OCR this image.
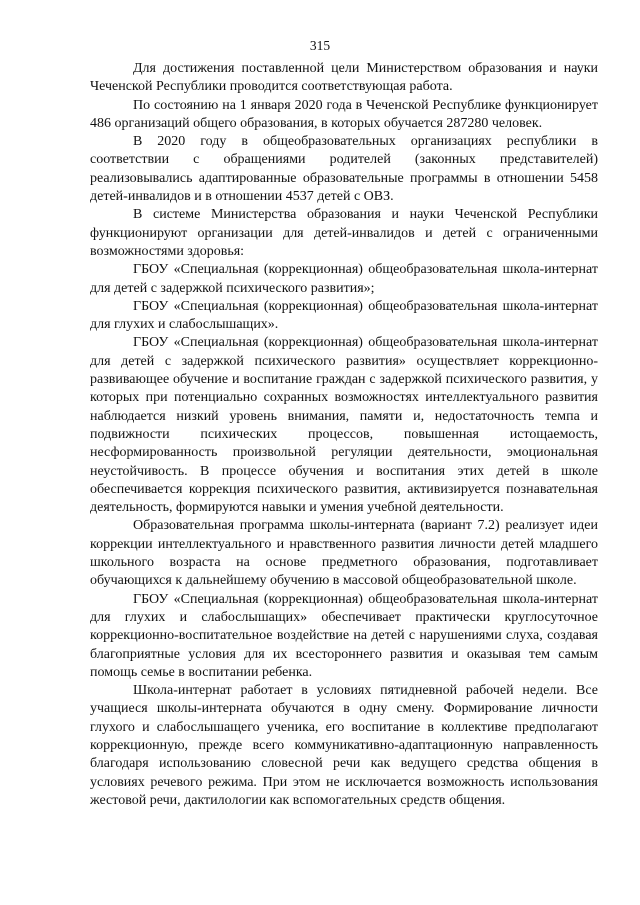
315

Для достижения поставленной цели Министерством образования и науки Чеченской Республики проводится соответствующая работа.

По состоянию на 1 января 2020 года в Чеченской Республике функционирует 486 организаций общего образования, в которых обучается 287280 человек.

В 2020 году в общеобразовательных организациях республики в соответствии с обращениями родителей (законных представителей) реализовывались адаптированные образовательные программы в отношении 5458 детей-инвалидов и в отношении 4537 детей с ОВЗ.

В системе Министерства образования и науки Чеченской Республики функционируют организации для детей-инвалидов и детей с ограниченными возможностями здоровья:

ГБОУ «Специальная (коррекционная) общеобразовательная школа-интернат для детей с задержкой психического развития»;

ГБОУ «Специальная (коррекционная) общеобразовательная школа-интернат для глухих и слабослышащих».

ГБОУ «Специальная (коррекционная) общеобразовательная школа-интернат для детей с задержкой психического развития» осуществляет коррекционно-развивающее обучение и воспитание граждан с задержкой психического развития, у которых при потенциально сохранных возможностях интеллектуального развития наблюдается низкий уровень внимания, памяти и, недостаточность темпа и подвижности психических процессов, повышенная истощаемость, несформированность произвольной регуляции деятельности, эмоциональная неустойчивость. В процессе обучения и воспитания этих детей в школе обеспечивается коррекция психического развития, активизируется познавательная деятельность, формируются навыки и умения учебной деятельности.

Образовательная программа школы-интерната (вариант 7.2) реализует идеи коррекции интеллектуального и нравственного развития личности детей младшего школьного возраста на основе предметного образования, подготавливает обучающихся к дальнейшему обучению в массовой общеобразовательной школе.

ГБОУ «Специальная (коррекционная) общеобразовательная школа-интернат для глухих и слабослышащих» обеспечивает практически круглосуточное коррекционно-воспитательное воздействие на детей с нарушениями слуха, создавая благоприятные условия для их всестороннего развития и оказывая тем самым помощь семье в воспитании ребенка.

Школа-интернат работает в условиях пятидневной рабочей недели. Все учащиеся школы-интерната обучаются в одну смену. Формирование личности глухого и слабослышащего ученика, его воспитание в коллективе предполагают коррекционную, прежде всего коммуникативно-адаптационную направленность благодаря использованию словесной речи как ведущего средства общения в условиях речевого режима. При этом не исключается возможность использования жестовой речи, дактилологии как вспомогательных средств общения.
